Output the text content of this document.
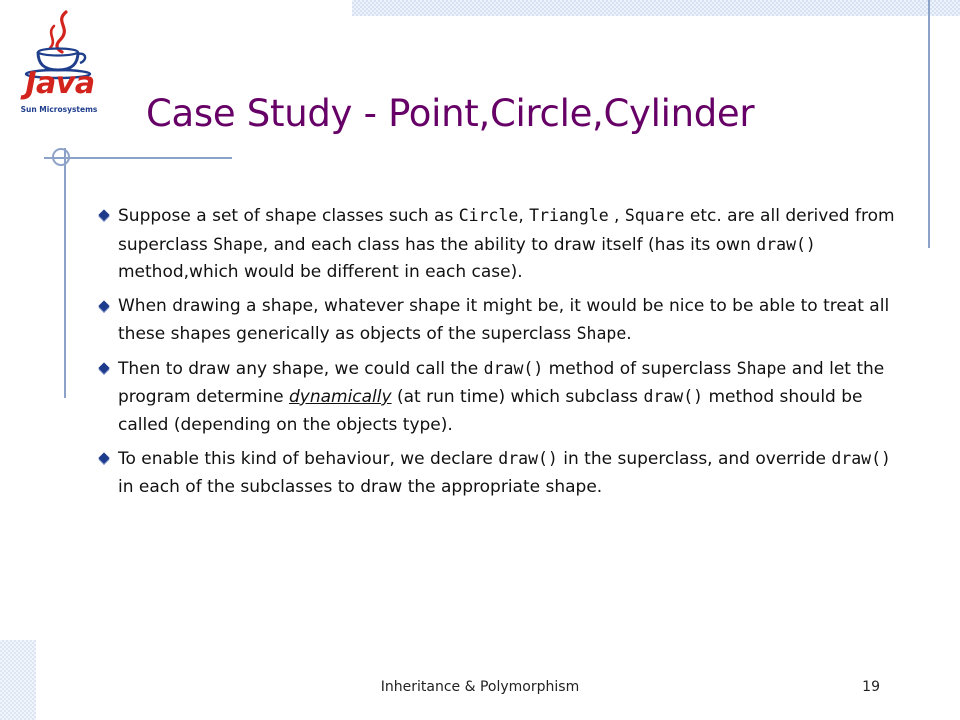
Java
Sun Microsystems Case Study - Point,Circle,Cylinder
Suppose a set of shape classes such as Circle, Triangle , Square etc. are all derived from superclass Shape, and each class has the ability to draw itself (has its own draw() method,which would be different in each case).
When drawing a shape, whatever shape it might be, it would be nice to be able to treat all these shapes generically as objects of the superclass Shape.
Then to draw any shape, we could call the draw() method of superclass Shape and let the program determine dynamically (at run time) which subclass draw() method should be called (depending on the objects type).
To enable this kind of behaviour, we declare draw() in the superclass, and override draw() in each of the subclasses to draw the appropriate shape.
Inheritance & Polymorphism	19
